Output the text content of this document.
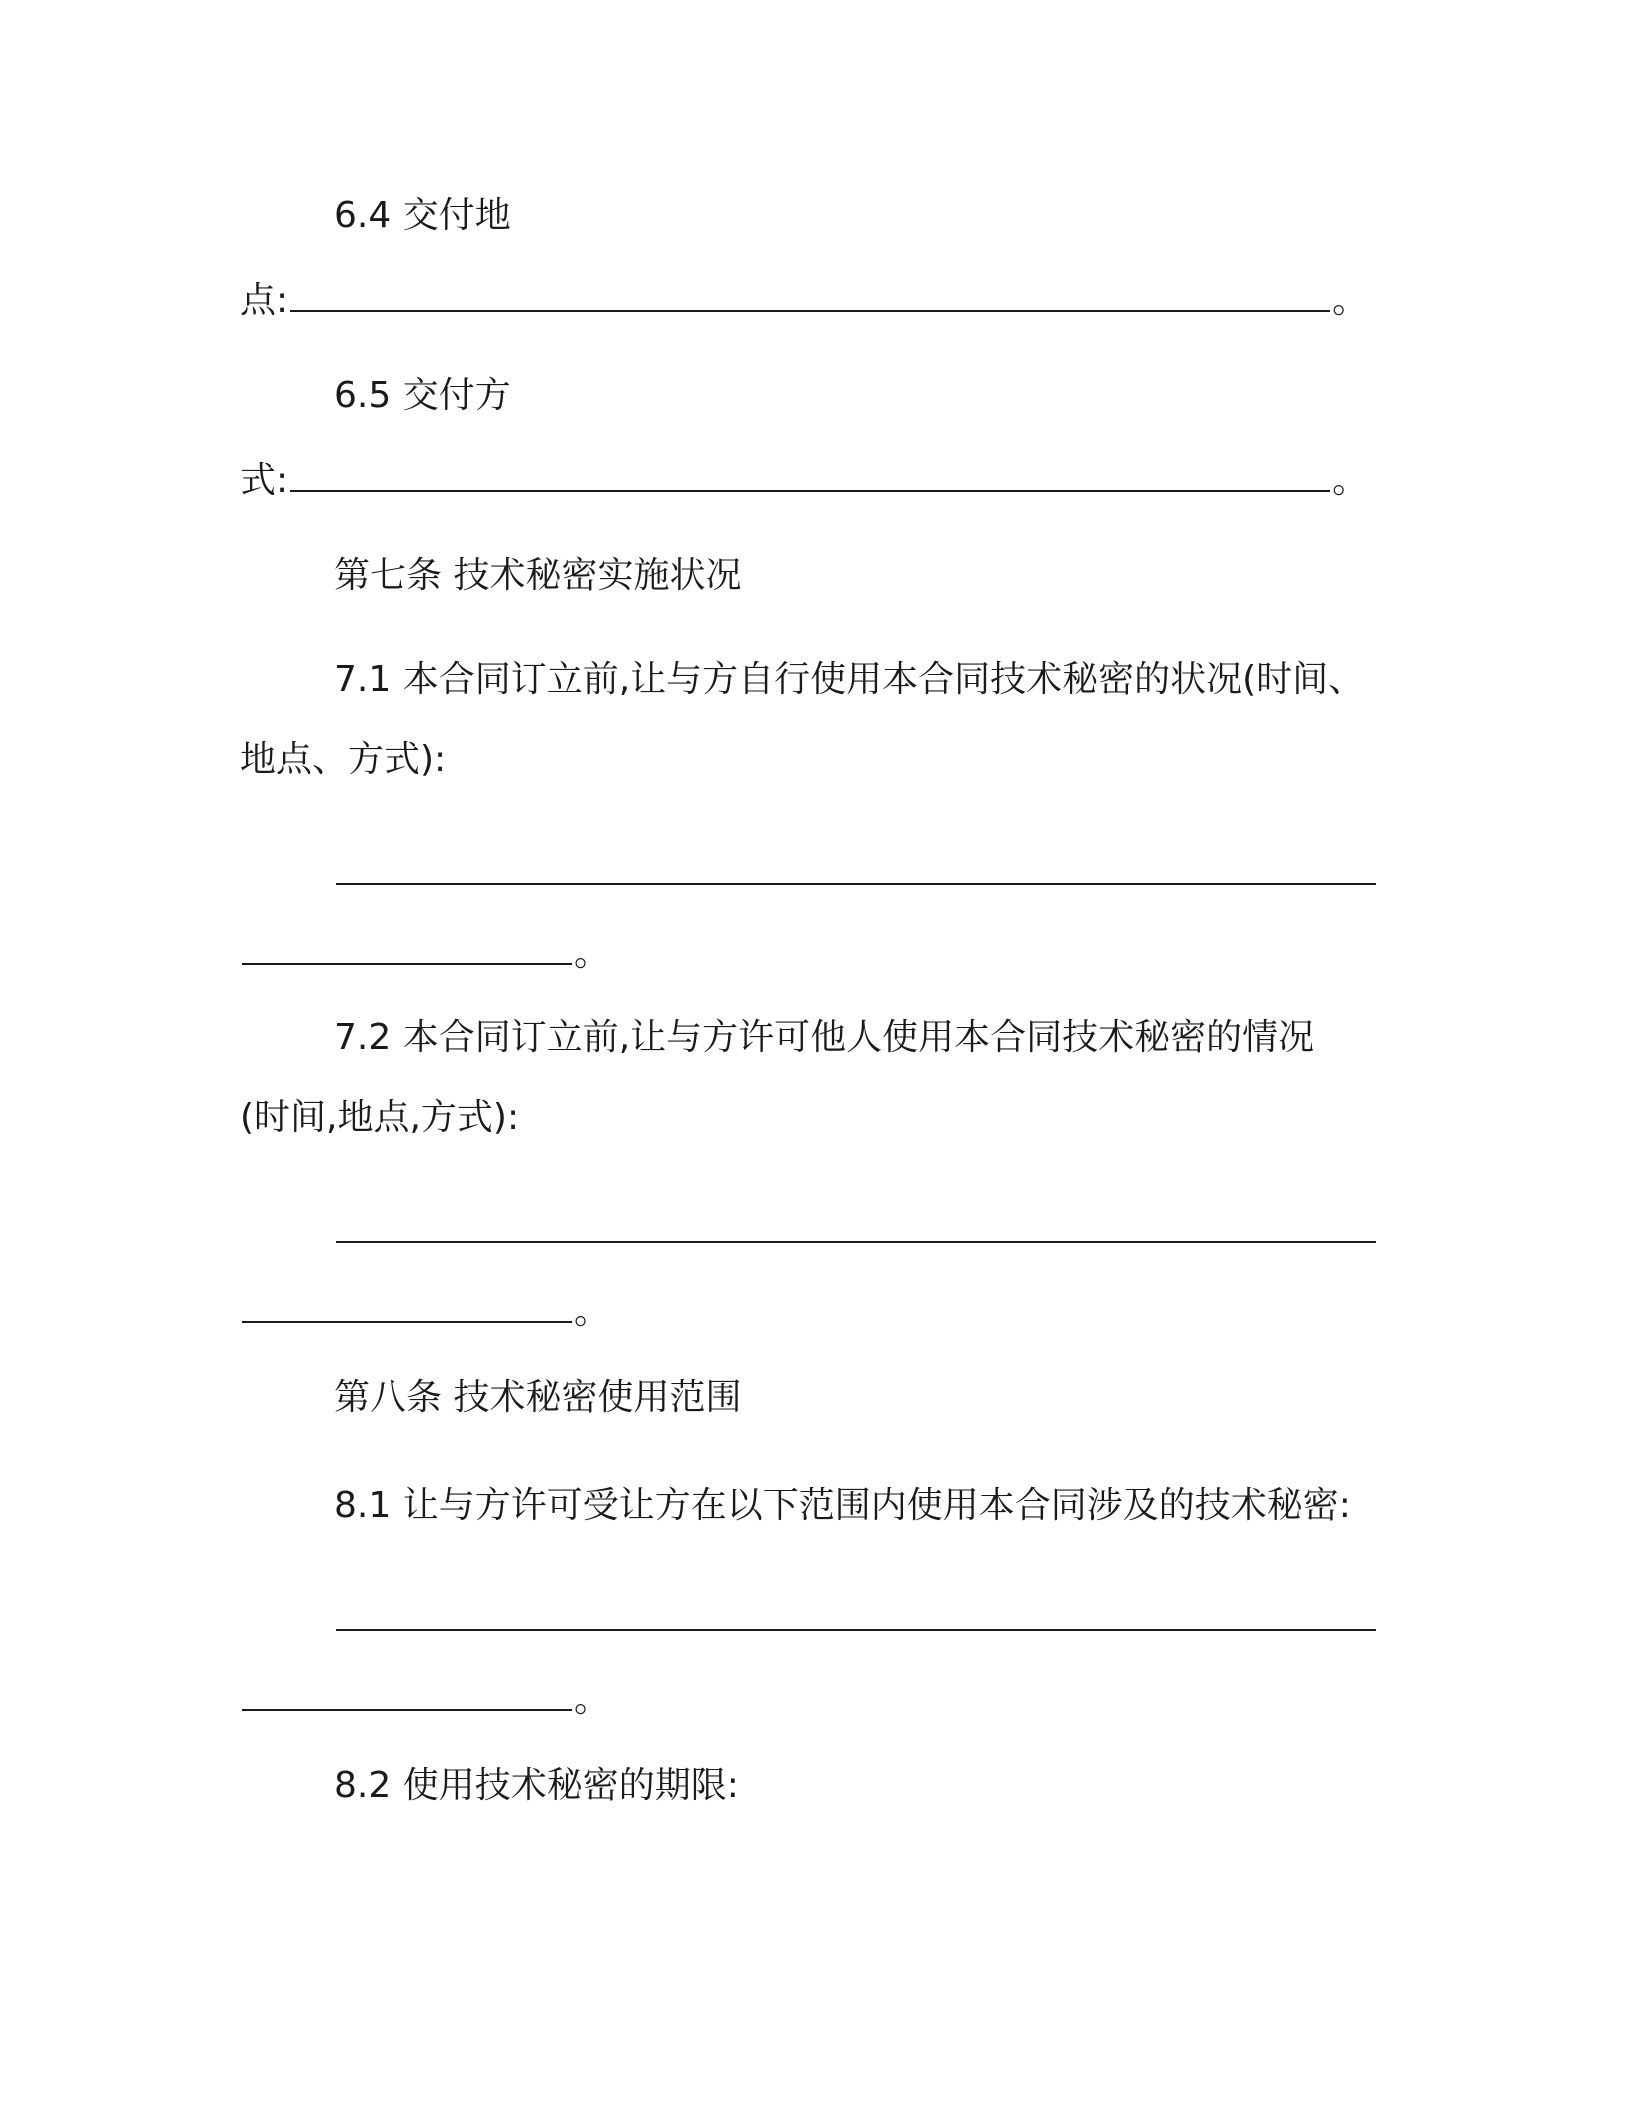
6.4 交付地
点:	。
6.5 交付方
式:	。
第七条 技术秘密实施状况
7.1 本合同订立前,让与方自行使用本合同技术秘密的状况(时间、
地点、方式):
。
7.2 本合同订立前,让与方许可他人使用本合同技术秘密的情况
(时间,地点,方式):
。
第八条 技术秘密使用范围
8.1 让与方许可受让方在以下范围内使用本合同涉及的技术秘密:
。
8.2 使用技术秘密的期限:
